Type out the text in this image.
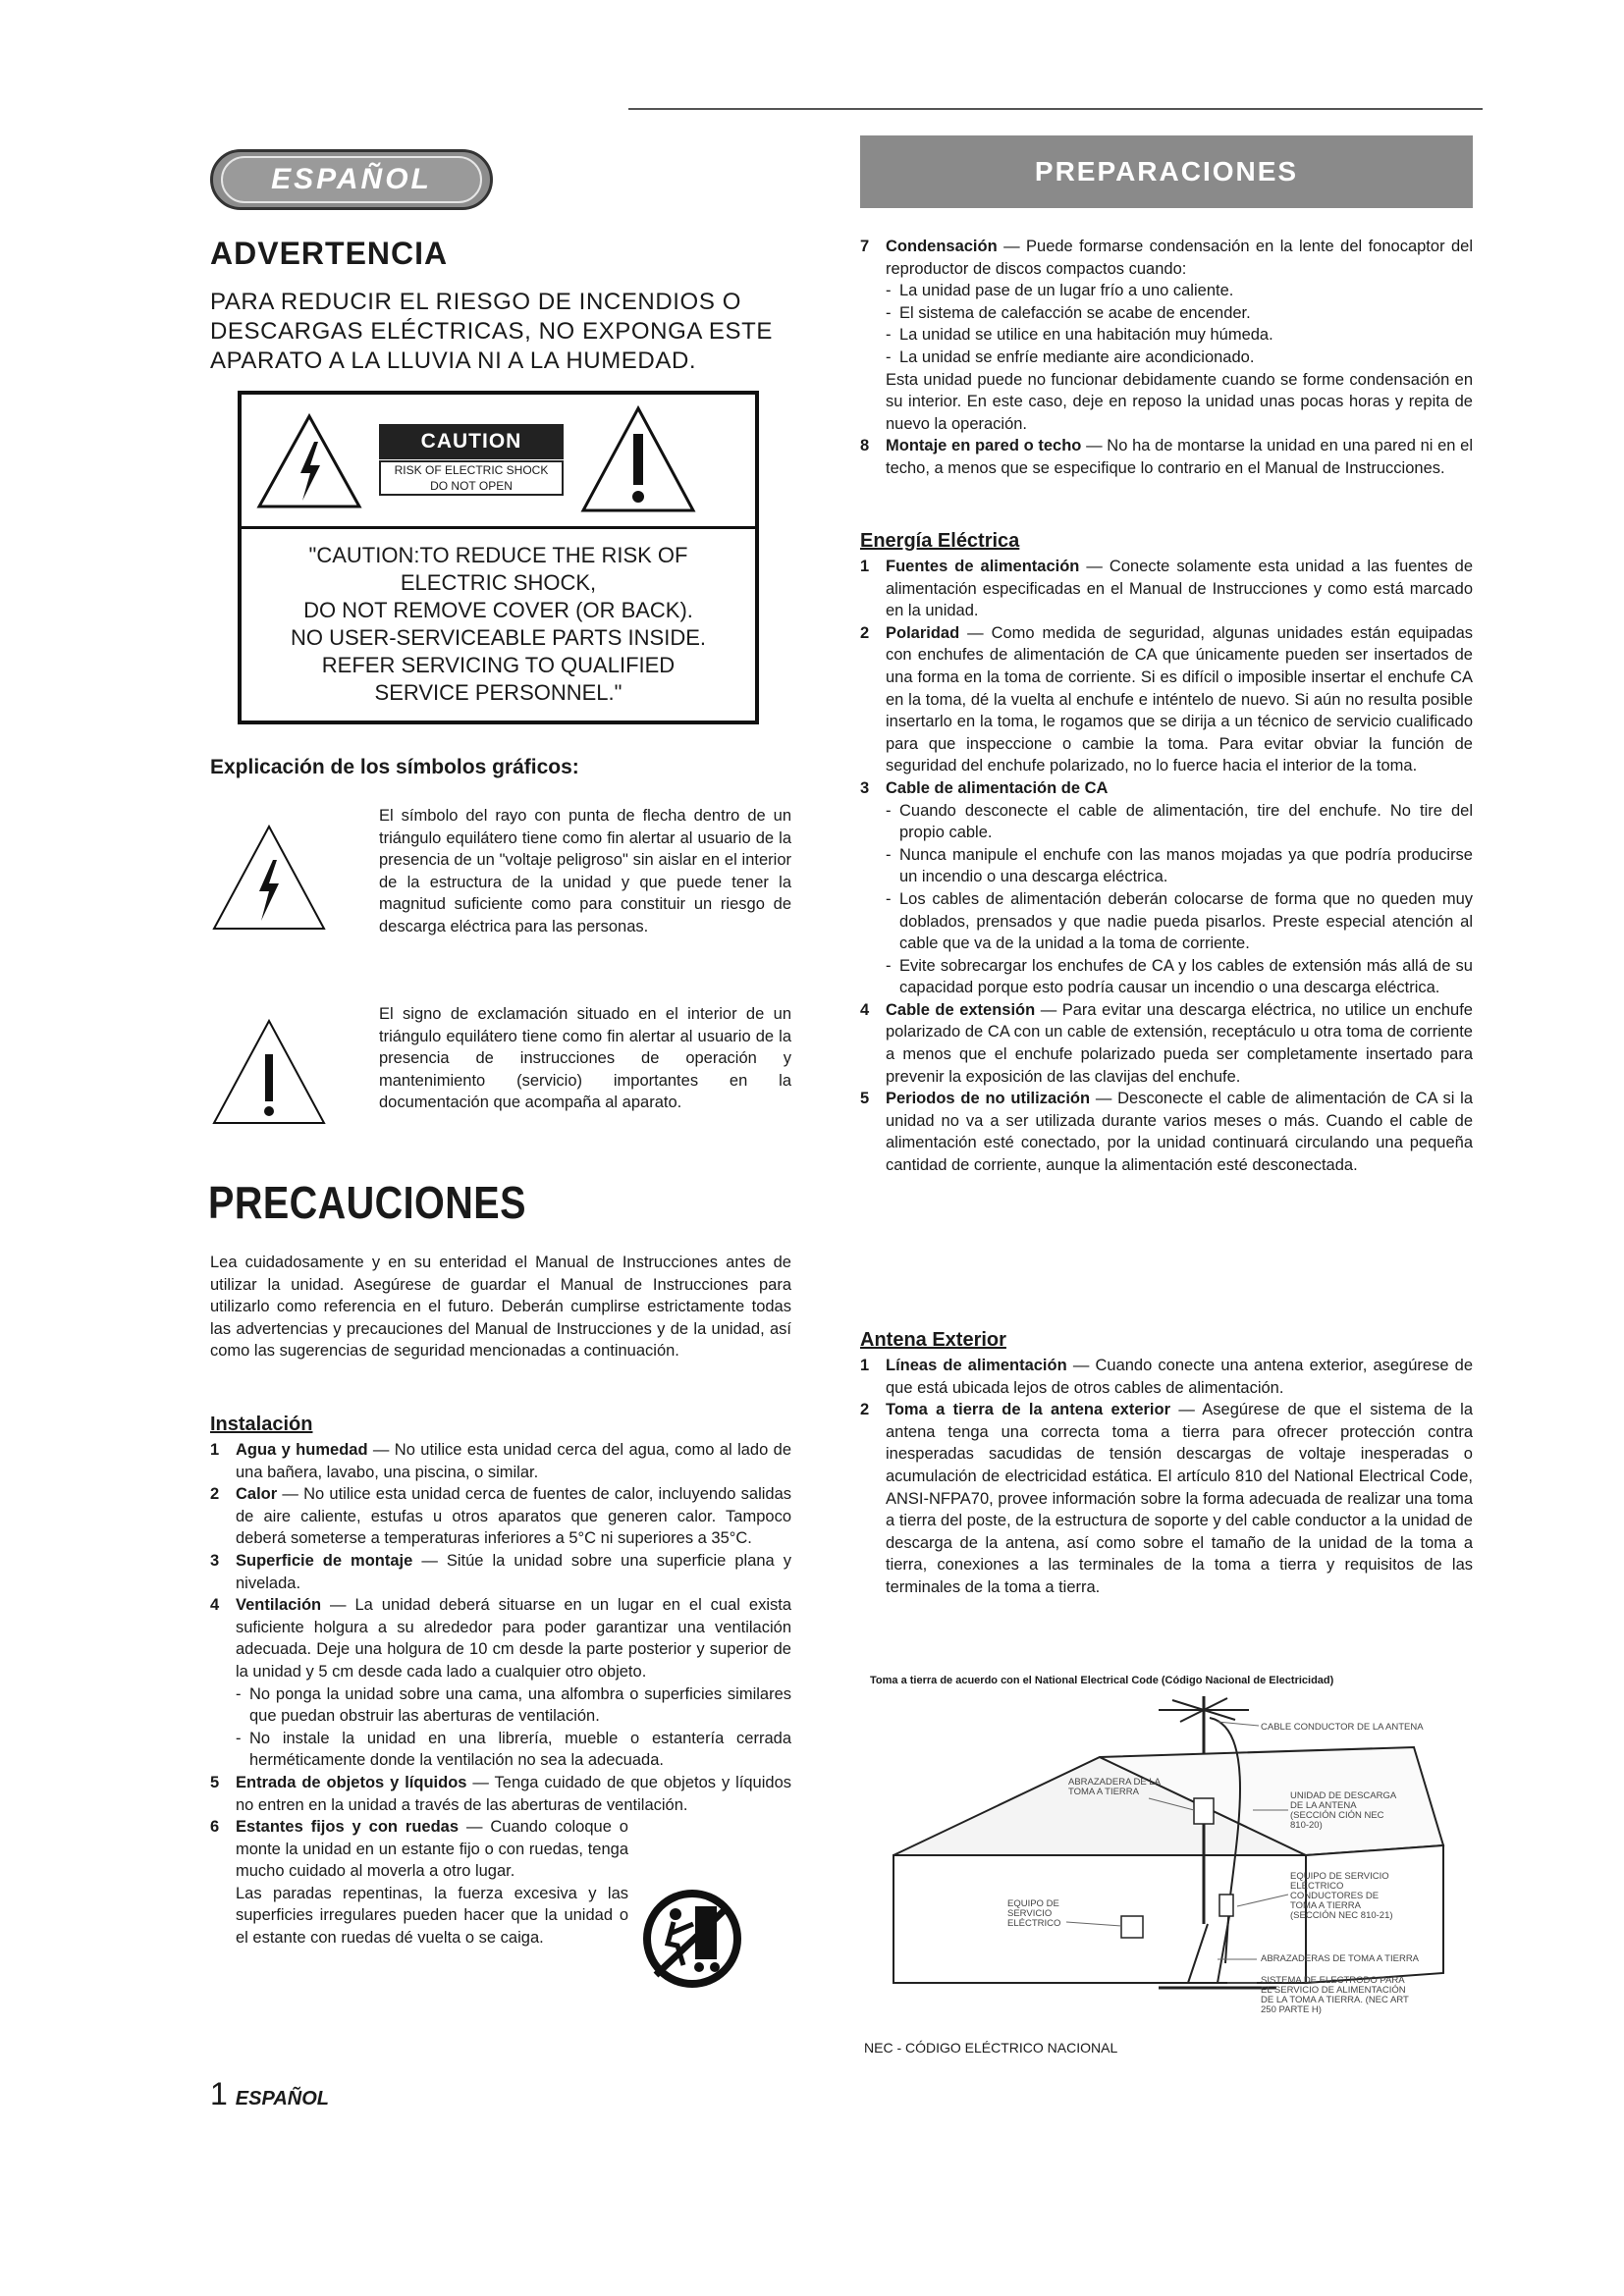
ESPAÑOL	PREPARACIONES
ADVERTENCIA
PARA REDUCIR EL RIESGO DE INCENDIOS O
DESCARGAS ELÉCTRICAS, NO EXPONGA ESTE
APARATO A LA LLUVIA NI A LA HUMEDAD.
CAUTION
RISK OF ELECTRIC SHOCK
DO NOT OPEN
"CAUTION:TO REDUCE THE RISK OF
ELECTRIC SHOCK,
DO NOT REMOVE COVER (OR BACK).
NO USER-SERVICEABLE PARTS INSIDE.
REFER SERVICING TO QUALIFIED
SERVICE PERSONNEL."
Explicación de los símbolos gráficos:
El símbolo del rayo con punta de flecha dentro de un triángulo equilátero tiene como fin alertar al usuario de la presencia de un "voltaje peligroso" sin aislar en el interior de la estructura de la unidad y que puede tener la magnitud suficiente como para constituir un riesgo de descarga eléctrica para las personas.
El signo de exclamación situado en el interior de un triángulo equilátero tiene como fin alertar al usuario de la presencia de instrucciones de operación y mantenimiento (servicio) importantes en la documentación que acompaña al aparato.
PRECAUCIONES
Lea cuidadosamente y en su enteridad el Manual de Instrucciones antes de utilizar la unidad. Asegúrese de guardar el Manual de Instrucciones para utilizarlo como referencia en el futuro. Deberán cumplirse estrictamente todas las advertencias y precauciones del Manual de Instrucciones y de la unidad, así como las sugerencias de seguridad mencionadas a continuación.
Instalación
1 Agua y humedad — No utilice esta unidad cerca del agua, como al lado de una bañera, lavabo, una piscina, o similar.
2 Calor — No utilice esta unidad cerca de fuentes de calor, incluyendo salidas de aire caliente, estufas u otros aparatos que generen calor. Tampoco deberá someterse a temperaturas inferiores a 5°C ni superiores a 35°C.
3 Superficie de montaje — Sitúe la unidad sobre una superficie plana y nivelada.
4 Ventilación — La unidad deberá situarse en un lugar en el cual exista suficiente holgura a su alrededor para poder garantizar una ventilación adecuada. Deje una holgura de 10 cm desde la parte posterior y superior de la unidad y 5 cm desde cada lado a cualquier otro objeto.
- No ponga la unidad sobre una cama, una alfombra o superficies similares que puedan obstruir las aberturas de ventilación.
- No instale la unidad en una librería, mueble o estantería cerrada herméticamente donde la ventilación no sea la adecuada.
5 Entrada de objetos y líquidos — Tenga cuidado de que objetos y líquidos no entren en la unidad a través de las aberturas de ventilación.
6 Estantes fijos y con ruedas — Cuando coloque o monte la unidad en un estante fijo o con ruedas, tenga mucho cuidado al moverla a otro lugar.
Las paradas repentinas, la fuerza excesiva y las superficies irregulares pueden hacer que la unidad o el estante con ruedas dé vuelta o se caiga.
7 Condensación — Puede formarse condensación en la lente del fonocaptor del reproductor de discos compactos cuando:
- La unidad pase de un lugar frío a uno caliente.
- El sistema de calefacción se acabe de encender.
- La unidad se utilice en una habitación muy húmeda.
- La unidad se enfríe mediante aire acondicionado.
Esta unidad puede no funcionar debidamente cuando se forme condensación en su interior. En este caso, deje en reposo la unidad unas pocas horas y repita de nuevo la operación.
8 Montaje en pared o techo — No ha de montarse la unidad en una pared ni en el techo, a menos que se especifique lo contrario en el Manual de Instrucciones.
Energía Eléctrica
1 Fuentes de alimentación — Conecte solamente esta unidad a las fuentes de alimentación especificadas en el Manual de Instrucciones y como está marcado en la unidad.
2 Polaridad — Como medida de seguridad, algunas unidades están equipadas con enchufes de alimentación de CA que únicamente pueden ser insertados de una forma en la toma de corriente. Si es difícil o imposible insertar el enchufe CA en la toma, dé la vuelta al enchufe e inténtelo de nuevo. Si aún no resulta posible insertarlo en la toma, le rogamos que se dirija a un técnico de servicio cualificado para que inspeccione o cambie la toma. Para evitar obviar la función de seguridad del enchufe polarizado, no lo fuerce hacia el interior de la toma.
3 Cable de alimentación de CA
- Cuando desconecte el cable de alimentación, tire del enchufe. No tire del propio cable.
- Nunca manipule el enchufe con las manos mojadas ya que podría producirse un incendio o una descarga eléctrica.
- Los cables de alimentación deberán colocarse de forma que no queden muy doblados, prensados y que nadie pueda pisarlos. Preste especial atención al cable que va de la unidad a la toma de corriente.
- Evite sobrecargar los enchufes de CA y los cables de extensión más allá de su capacidad porque esto podría causar un incendio o una descarga eléctrica.
4 Cable de extensión — Para evitar una descarga eléctrica, no utilice un enchufe polarizado de CA con un cable de extensión, receptáculo u otra toma de corriente a menos que el enchufe polarizado pueda ser completamente insertado para prevenir la exposición de las clavijas del enchufe.
5 Periodos de no utilización — Desconecte el cable de alimentación de CA si la unidad no va a ser utilizada durante varios meses o más. Cuando el cable de alimentación esté conectado, por la unidad continuará circulando una pequeña cantidad de corriente, aunque la alimentación esté desconectada.
Antena Exterior
1 Líneas de alimentación — Cuando conecte una antena exterior, asegúrese de que está ubicada lejos de otros cables de alimentación.
2 Toma a tierra de la antena exterior — Asegúrese de que el sistema de la antena tenga una correcta toma a tierra para ofrecer protección contra inesperadas sacudidas de tensión descargas de voltaje inesperadas o acumulación de electricidad estática. El artículo 810 del National Electrical Code, ANSI-NFPA70, provee información sobre la forma adecuada de realizar una toma a tierra del poste, de la estructura de soporte y del cable conductor a la unidad de descarga de la antena, así como sobre el tamaño de la unidad de la toma a tierra, conexiones a las terminales de la toma a tierra y requisitos de las terminales de la toma a tierra.
Toma a tierra de acuerdo con el National Electrical Code (Código Nacional de Electricidad)
CABLE CONDUCTOR DE LA ANTENA
ABRAZADERA DE LA
TOMA A TIERRA	UNIDAD DE DESCARGA
DE LA ANTENA
(SECCIÓN CIÓN NEC
810-20)
EQUIPO DE
SERVICIO
ELÉCTRICO
EQUIPO DE SERVICIO
ELÉCTRICO
CONDUCTORES DE
TOMA A TIERRA
(SECCIÓN NEC 810-21)
ABRAZADERAS DE TOMA A TIERRA
SISTEMA DE ELECTRODO PARA
EL SERVICIO DE ALIMENTACIÓN
DE LA TOMA A TIERRA. (NEC ART
250 PARTE H)
NEC - CÓDIGO ELÉCTRICO NACIONAL
1 ESPAÑOL
